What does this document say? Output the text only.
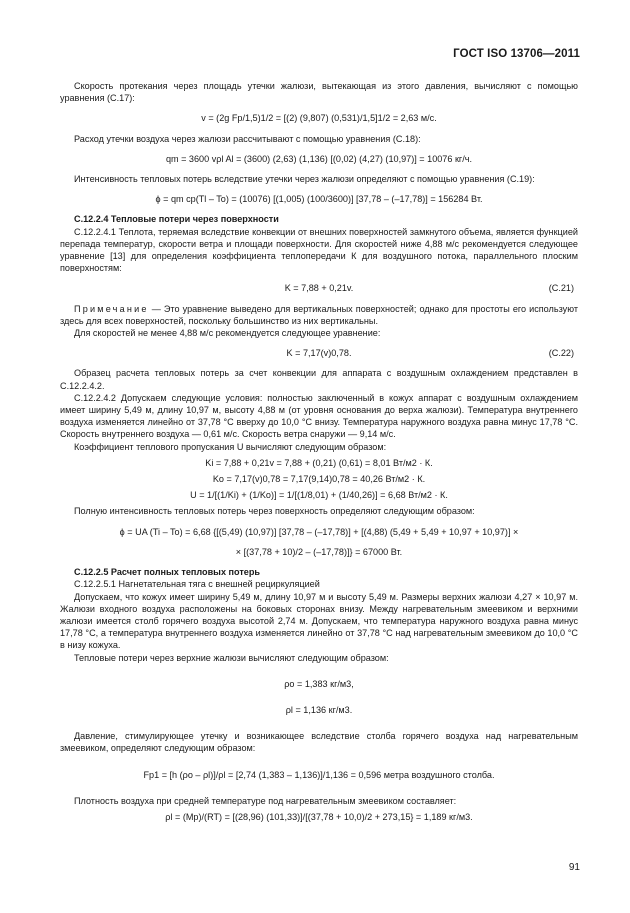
ГОСТ ISO 13706—2011
Скорость протекания через площадь утечки жалюзи, вытекающая из этого давления, вычисляют с помощью уравнения (С.17):
v = (2g Fp/1,5)1/2 = [(2) (9,807) (0,531)/1,5]1/2 = 2,63 м/с.
Расход утечки воздуха через жалюзи рассчитывают с помощью уравнения (С.18):
qm = 3600 vρl Al = (3600) (2,63) (1,136) [(0,02) (4,27) (10,97)] = 10076 кг/ч.
Интенсивность тепловых потерь вследствие утечки через жалюзи определяют с помощью уравнения (С.19):
ϕ = qm cp(Tl – To) = (10076) [(1,005) (100/3600)] [37,78 – (–17,78)] = 156284 Вт.
С.12.2.4 Тепловые потери через поверхности
С.12.2.4.1 Теплота, теряемая вследствие конвекции от внешних поверхностей замкнутого объема, является функцией перепада температур, скорости ветра и площади поверхности. Для скоростей ниже 4,88 м/с рекомендуется следующее уравнение [13] для определения коэффициента теплопередачи К для воздушного потока, параллельного плоским поверхностям:
K = 7,88 + 0,21v.	(С.21)
Примечание — Это уравнение выведено для вертикальных поверхностей; однако для простоты его используют здесь для всех поверхностей, поскольку большинство из них вертикальны.
Для скоростей не менее 4,88 м/с рекомендуется следующее уравнение:
K = 7,17(v)0,78.	(С.22)
Образец расчета тепловых потерь за счет конвекции для аппарата с воздушным охлаждением представлен в С.12.2.4.2.
С.12.2.4.2 Допускаем следующие условия: полностью заключенный в кожух аппарат с воздушным охлаждением имеет ширину 5,49 м, длину 10,97 м, высоту 4,88 м (от уровня основания до верха жалюзи). Температура внутреннего воздуха изменяется линейно от 37,78 °С вверху до 10,0 °С внизу. Температура наружного воздуха равна минус 17,78 °С. Скорость внутреннего воздуха — 0,61 м/с. Скорость ветра снаружи — 9,14 м/с.
Коэффициент теплового пропускания U вычисляют следующим образом:
Ki = 7,88 + 0,21v = 7,88 + (0,21) (0,61) = 8,01 Вт/м2 · К.
Ko = 7,17(v)0,78 = 7,17(9,14)0,78 = 40,26 Вт/м2 · К.
U = 1/[(1/Ki) + (1/Ko)] = 1/[(1/8,01) + (1/40,26)] = 6,68 Вт/м2 · К.
Полную интенсивность тепловых потерь через поверхность определяют следующим образом:
ϕ = UA (Ti – To) = 6,68 {[(5,49) (10,97)] [37,78 – (–17,78)] + [(4,88) (5,49 + 5,49 + 10,97 + 10,97)] ×
× [(37,78 + 10)/2 – (–17,78)]} = 67000 Вт.
С.12.2.5 Расчет полных тепловых потерь
С.12.2.5.1 Нагнетательная тяга с внешней рециркуляцией
Допускаем, что кожух имеет ширину 5,49 м, длину 10,97 м и высоту 5,49 м. Размеры верхних жалюзи 4,27 × 10,97 м. Жалюзи входного воздуха расположены на боковых сторонах внизу. Между нагревательным змеевиком и верхними жалюзи имеется столб горячего воздуха высотой 2,74 м. Допускаем, что температура наружного воздуха равна минус 17,78 °С, а температура внутреннего воздуха изменяется линейно от 37,78 °С над нагревательным змеевиком до 10,0 °С в низу кожуха.
Тепловые потери через верхние жалюзи вычисляют следующим образом:
ρo = 1,383 кг/м3,
ρl = 1,136 кг/м3.
Давление, стимулирующее утечку и возникающее вследствие столба горячего воздуха над нагревательным змеевиком, определяют следующим образом:
Fp1 = [h (ρo – ρl)]/ρl = [2,74 (1,383 – 1,136)]/1,136 = 0,596 метра воздушного столба.
Плотность воздуха при средней температуре под нагревательным змеевиком составляет:
ρl = (Mp)/(RT) = [(28,96) (101,33)]/[(37,78 + 10,0)/2 + 273,15} = 1,189 кг/м3.
91
